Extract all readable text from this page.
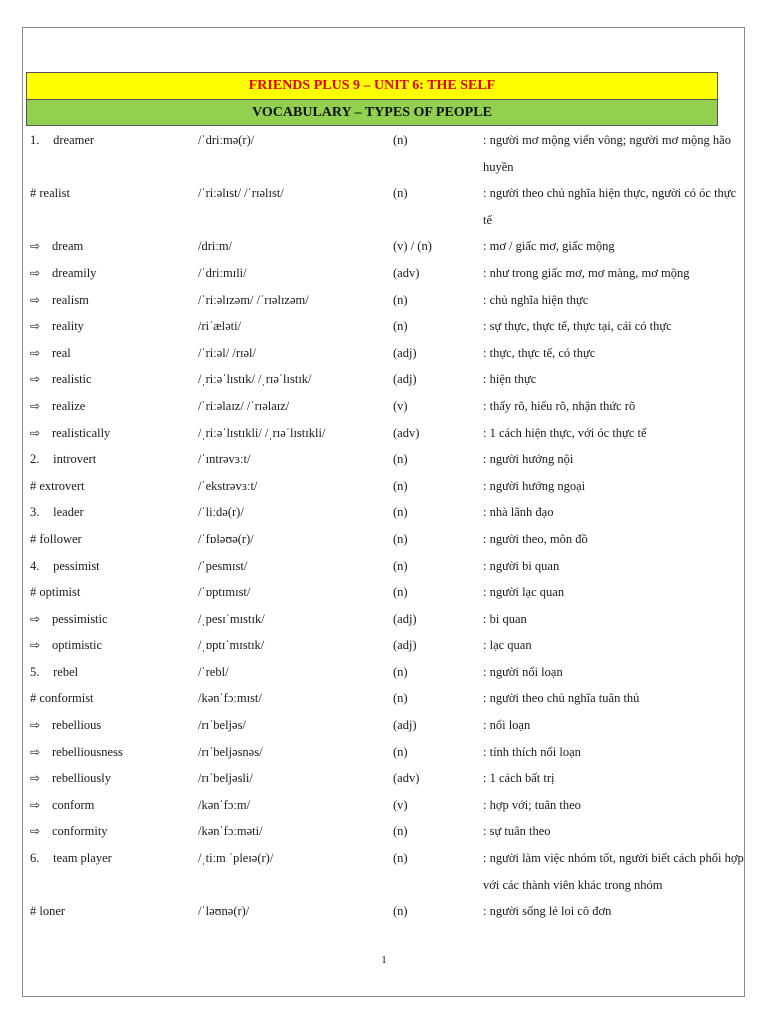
FRIENDS PLUS 9 – UNIT 6: THE SELF
VOCABULARY – TYPES OF PEOPLE
1. dreamer	/ˈdriːmə(r)/	(n)	: người mơ mộng viển vông; người mơ mộng hão huyền
# realist	/ˈriːəlɪst/ /ˈrɪəlɪst/	(n)	: người theo chủ nghĩa hiện thực, người có óc thực tế
⇨ dream	/driːm/	(v) / (n)	: mơ / giấc mơ, giấc mộng
⇨ dreamily	/ˈdriːmɪli/	(adv)	: như trong giấc mơ, mơ màng, mơ mộng
⇨ realism	/ˈriːəlɪzəm/ /ˈrɪəlɪzəm/	(n)	: chủ nghĩa hiện thực
⇨ reality	/riˈæləti/	(n)	: sự thực, thực tế, thực tại, cái có thực
⇨ real	/ˈriːəl/ /rɪəl/	(adj)	: thực, thực tế, có thực
⇨ realistic	/ˌriːəˈlɪstɪk/ /ˌrɪəˈlɪstɪk/	(adj)	: hiện thực
⇨ realize	/ˈriːəlaɪz/ /ˈrɪəlaɪz/	(v)	: thấy rõ, hiểu rõ, nhận thức rõ
⇨ realistically	/ˌriːəˈlɪstɪkli/ /ˌrɪəˈlɪstɪkli/	(adv)	: 1 cách hiện thực, với óc thực tế
2. introvert	/ˈɪntrəvɜːt/	(n)	: người hướng nội
# extrovert	/ˈekstrəvɜːt/	(n)	: người hướng ngoại
3. leader	/ˈliːdə(r)/	(n)	: nhà lãnh đạo
# follower	/ˈfɒləʊə(r)/	(n)	: người theo, môn đồ
4. pessimist	/ˈpesmɪst/	(n)	: người bi quan
# optimist	/ˈɒptɪmɪst/	(n)	: người lạc quan
⇨ pessimistic	/ˌpesɪˈmɪstɪk/	(adj)	: bi quan
⇨ optimistic	/ˌɒptɪˈmɪstɪk/	(adj)	: lạc quan
5. rebel	/ˈrebl/	(n)	: người nổi loạn
# conformist	/kənˈfɔːmɪst/	(n)	: người theo chủ nghĩa tuân thủ
⇨ rebellious	/rɪˈbeljəs/	(adj)	: nổi loạn
⇨ rebelliousness	/rɪˈbeljəsnəs/	(n)	: tính thích nổi loạn
⇨ rebelliously	/rɪˈbeljəsli/	(adv)	: 1 cách bất trị
⇨ conform	/kənˈfɔːm/	(v)	: hợp với; tuân theo
⇨ conformity	/kənˈfɔːməti/	(n)	: sự tuân theo
6. team player	/ˌtiːm ˈpleɪə(r)/	(n)	: người làm việc nhóm tốt, người biết cách phối hợp với các thành viên khác trong nhóm
# loner	/ˈləʊnə(r)/	(n)	: người sống lẻ loi cô đơn
1
